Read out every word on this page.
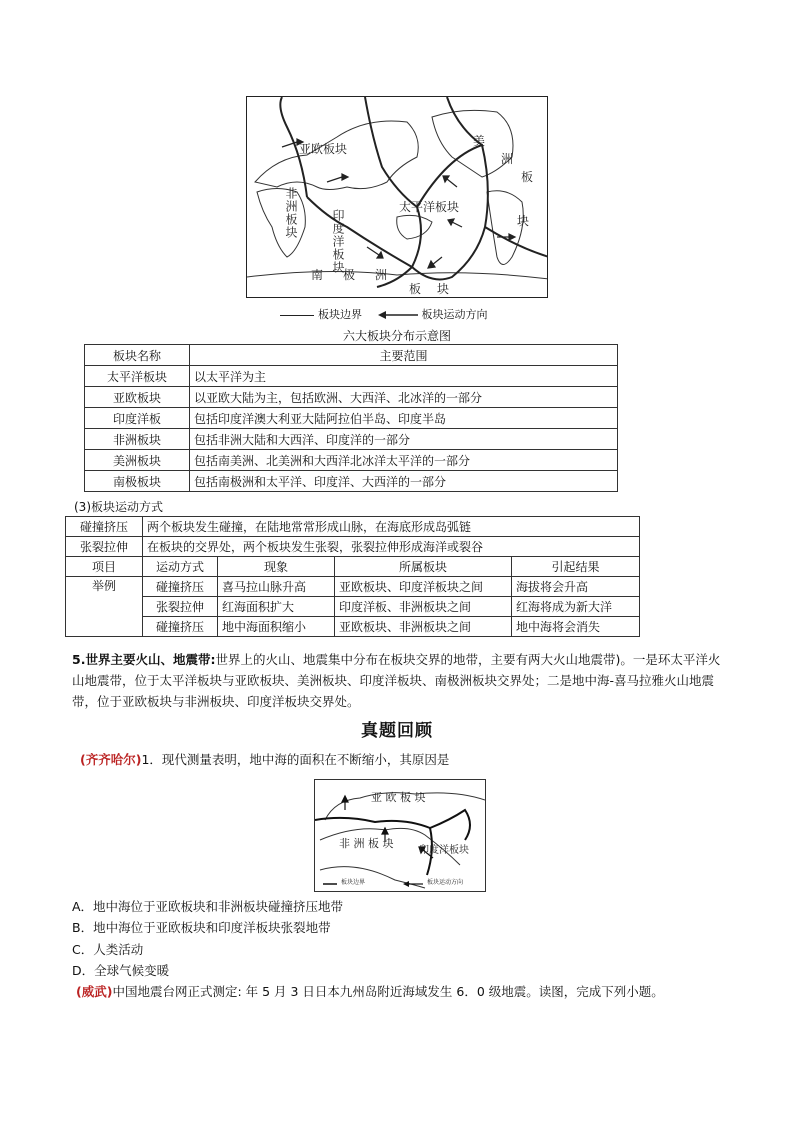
亚欧板块
非洲板块	印度洋板块
太平洋板块
美
洲
板
块
南 极 洲
板 块
板块边界	板块运动方向
六大板块分布示意图
板块名称	主要范围
太平洋板块	以太平洋为主
亚欧板块	以亚欧大陆为主，包括欧洲、大西洋、北冰洋的一部分
印度洋板	包括印度洋澳大利亚大陆阿拉伯半岛、印度半岛
非洲板块	包括非洲大陆和大西洋、印度洋的一部分
美洲板块	包括南美洲、北美洲和大西洋北冰洋太平洋的一部分
南极板块	包括南极洲和太平洋、印度洋、大西洋的一部分
(3)板块运动方式
碰撞挤压	两个板块发生碰撞，在陆地常常形成山脉，在海底形成岛弧链			
张裂拉伸	在板块的交界处，两个板块发生张裂，张裂拉伸形成海洋或裂谷			
项目	运动方式	现象	所属板块	引起结果
举例	碰撞挤压	喜马拉山脉升高	亚欧板块、印度洋板块之间	海拔将会升高
	张裂拉伸	红海面积扩大	印度洋板、非洲板块之间	红海将成为新大洋
	碰撞挤压	地中海面积缩小	亚欧板块、非洲板块之间	地中海将会消失
5.世界主要火山、地震带:世界上的火山、地震集中分布在板块交界的地带，主要有两大火山地震带)。一是环太平洋火山地震带，位于太平洋板块与亚欧板块、美洲板块、印度洋板块、南极洲板块交界处；二是地中海-喜马拉雅火山地震带，位于亚欧板块与非洲板块、印度洋板块交界处。
真题回顾
(齐齐哈尔)1．现代测量表明，地中海的面积在不断缩小，其原因是
亚 欧 板 块
非 洲 板 块
印度洋板块
板块边界	板块运动方向
A．地中海位于亚欧板块和非洲板块碰撞挤压地带
B．地中海位于亚欧板块和印度洋板块张裂地带
C．人类活动
D．全球气候变暖
(威武)中国地震台网正式测定: 年 5 月 3 日日本九州岛附近海域发生 6．0 级地震。读图，完成下列小题。
